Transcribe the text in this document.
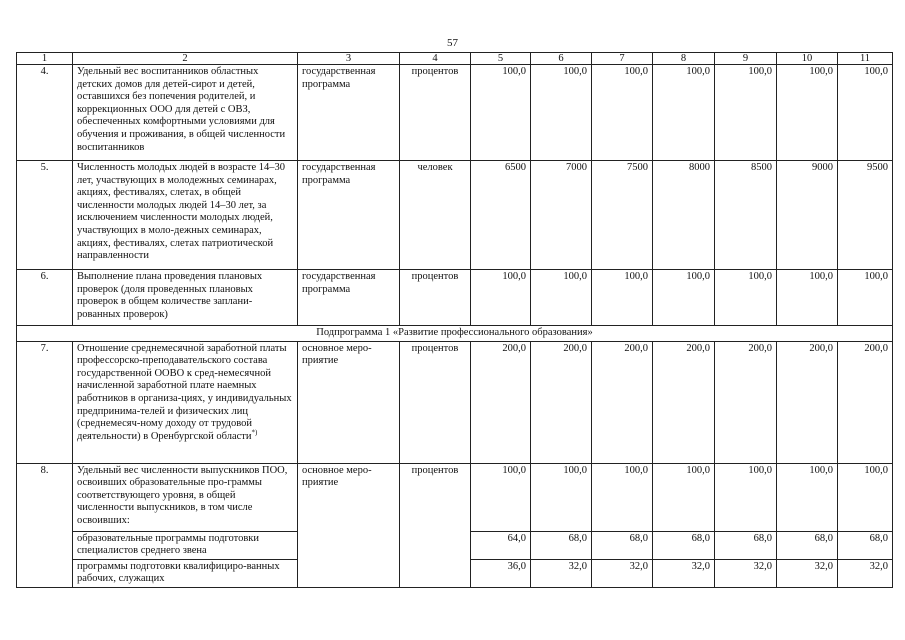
57
1	2	3	4	5	6	7	8	9	10	11
4.	Удельный вес воспитанников областных детских домов для детей-сирот и детей, оставшихся без попечения родителей, и коррекционных ООО для детей с ОВЗ, обеспеченных комфортными условиями для обучения и проживания, в общей численности воспитанников	государственная программа	процентов	100,0	100,0	100,0	100,0	100,0	100,0	100,0
5.	Численность молодых людей в возрасте 14–30 лет, участвующих в молодежных семинарах, акциях, фестивалях, слетах, в общей численности молодых людей 14–30 лет, за исключением численности молодых людей, участвующих в моло-дежных семинарах, акциях, фестивалях, слетах патриотической направленности	государственная программа	человек	6500	7000	7500	8000	8500	9000	9500
6.	Выполнение плана проведения плановых проверок (доля проведенных плановых проверок в общем количестве заплани-рованных проверок)	государственная программа	процентов	100,0	100,0	100,0	100,0	100,0	100,0	100,0
Подпрограмма 1 «Развитие профессионального образования»										
7.	Отношение среднемесячной заработной платы профессорско-преподавательского состава государственной ООВО к сред-немесячной начисленной заработной плате наемных работников в организа-циях, у индивидуальных предпринима-телей и физических лиц (среднемесяч-ному доходу от трудовой деятельности) в Оренбургской области*)	основное меро-приятие	процентов	200,0	200,0	200,0	200,0	200,0	200,0	200,0
8.	Удельный вес численности выпускников ПОО, освоивших образовательные про-граммы соответствующего уровня, в общей численности выпускников, в том числе освоивших:	основное меро-приятие	процентов	100,0	100,0	100,0	100,0	100,0	100,0	100,0
	образовательные программы подготовки специалистов среднего звена			64,0	68,0	68,0	68,0	68,0	68,0	68,0
	программы подготовки квалифициро-ванных рабочих, служащих			36,0	32,0	32,0	32,0	32,0	32,0	32,0
